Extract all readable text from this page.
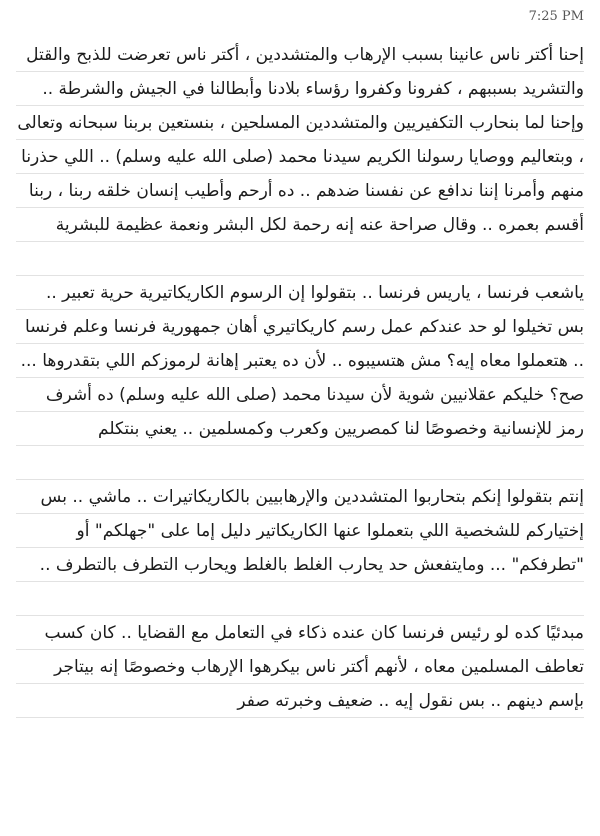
7:25 PM

إحنا أكتر ناس عانينا بسبب الإرهاب والمتشددين ، أكتر ناس تعرضت للذبح والقتل والتشريد بسببهم ، كفرونا وكفروا رؤساء بلادنا وأبطالنا في الجيش والشرطة .. وإحنا لما بنحارب التكفيريين والمتشددين المسلحين ، بنستعين بربنا سبحانه وتعالى ، وبتعاليم ووصايا رسولنا الكريم سيدنا محمد (صلى الله عليه وسلم) .. اللي حذرنا منهم وأمرنا إننا ندافع عن نفسنا ضدهم .. ده أرحم وأطيب إنسان خلقه ربنا ، ربنا أقسم بعمره .. وقال صراحة عنه إنه رحمة لكل البشر ونعمة عظيمة للبشرية

ياشعب فرنسا ، ياريس فرنسا .. بتقولوا إن الرسوم الكاريكاتيرية حرية تعبير .. بس تخيلوا لو حد عندكم عمل رسم كاريكاتيري أهان جمهورية فرنسا وعلم فرنسا .. هتعملوا معاه إيه؟ مش هتسيبوه .. لأن ده يعتبر إهانة لرموزكم اللي بتقدروها ... صح؟ خليكم عقلانيين شوية لأن سيدنا محمد (صلى الله عليه وسلم) ده أشرف رمز للإنسانية وخصوصًا لنا كمصريين وكعرب وكمسلمين .. يعني بنتكلم

إنتم بتقولوا إنكم بتحاربوا المتشددين والإرهابيين بالكاريكاتيرات .. ماشي .. بس إختياركم للشخصية اللي بتعملوا عنها الكاريكاتير دليل إما على "جهلكم" أو "تطرفكم" ... ومايتفعش حد يحارب الغلط بالغلط ويحارب التطرف بالتطرف ..

مبدئيًا كده لو رئيس فرنسا كان عنده ذكاء في التعامل مع القضايا .. كان كسب تعاطف المسلمين معاه ، لأنهم أكتر ناس بيكرهوا الإرهاب وخصوصًا إنه بيتاجر بإسم دينهم .. بس نقول إيه .. ضعيف وخبرته صفر
